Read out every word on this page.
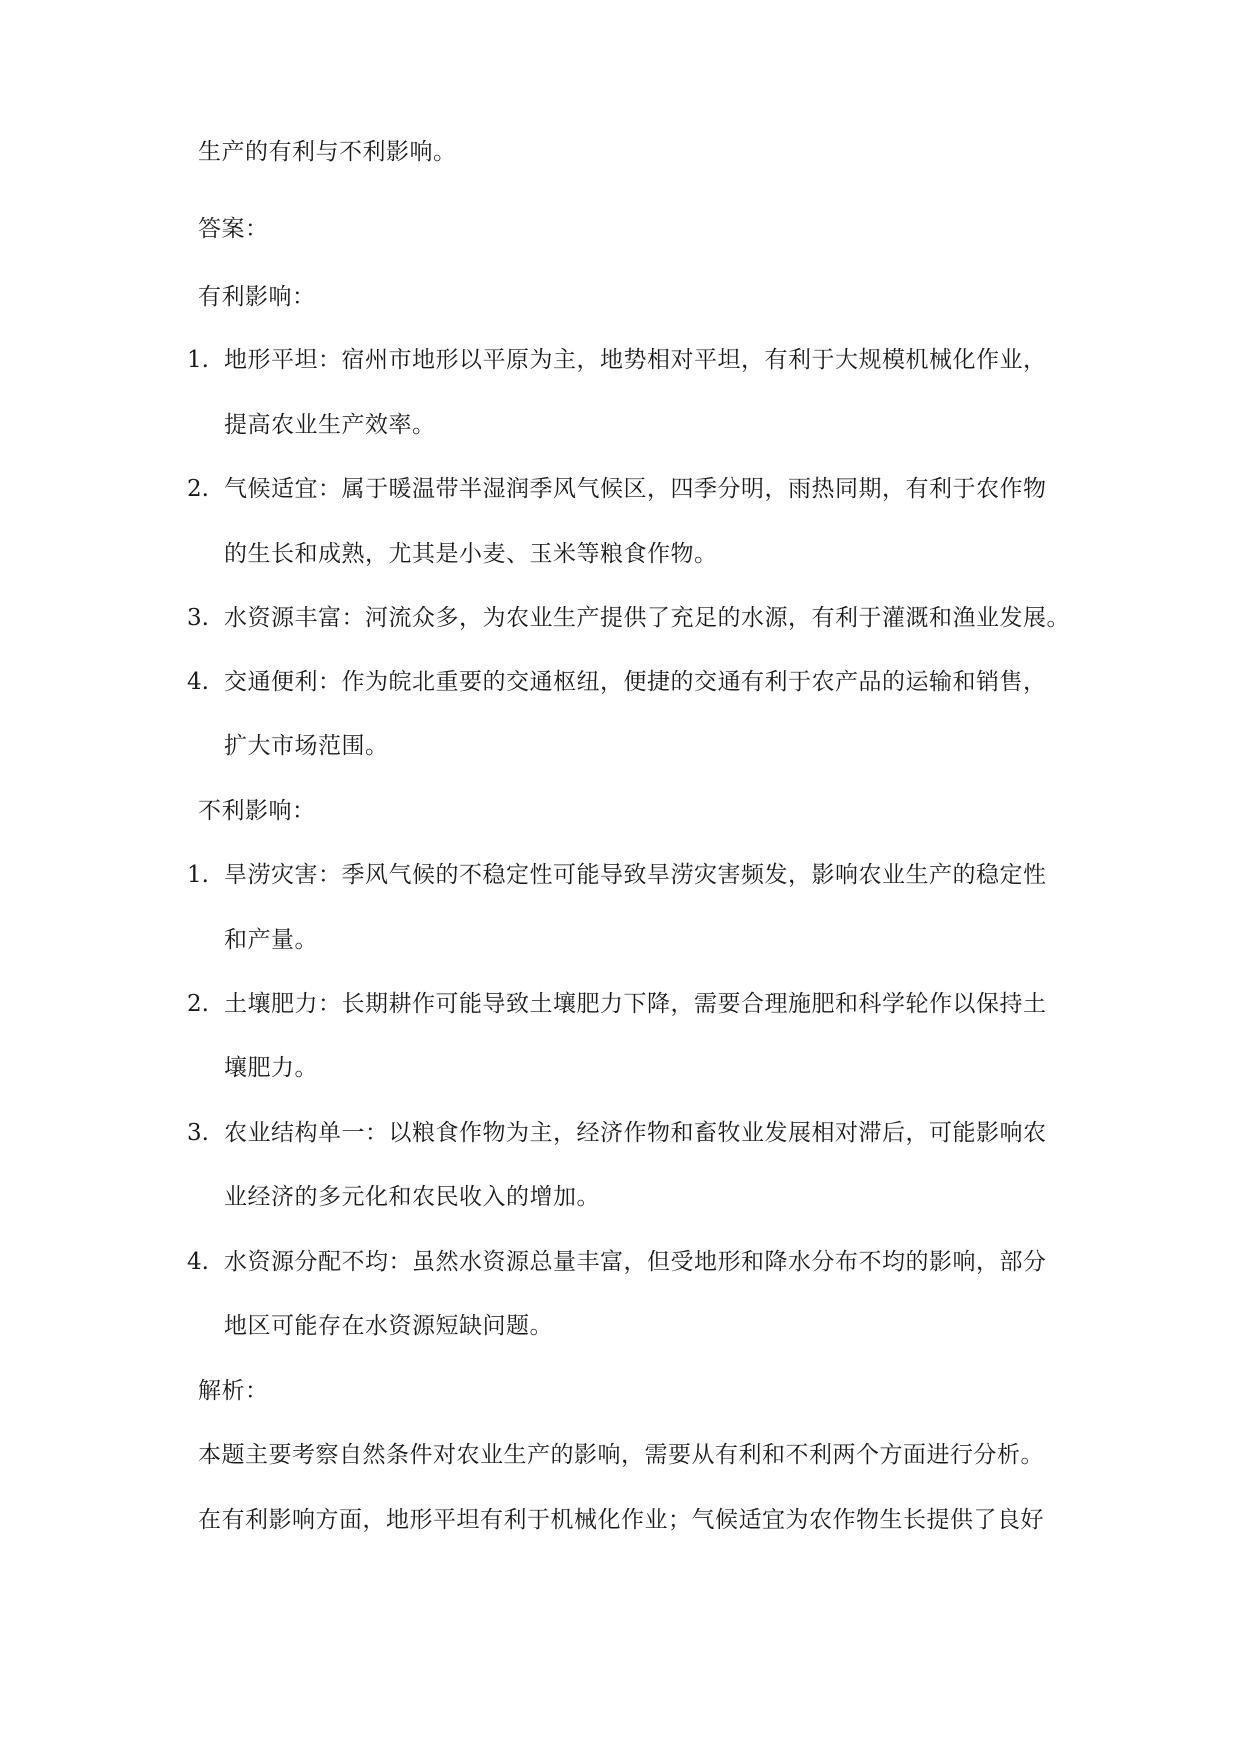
生产的有利与不利影响。
答案：
有利影响：
1. 地形平坦：宿州市地形以平原为主，地势相对平坦，有利于大规模机械化作业，
提高农业生产效率。
2. 气候适宜：属于暖温带半湿润季风气候区，四季分明，雨热同期，有利于农作物
的生长和成熟，尤其是小麦、玉米等粮食作物。
3. 水资源丰富：河流众多，为农业生产提供了充足的水源，有利于灌溉和渔业发展。
4. 交通便利：作为皖北重要的交通枢纽，便捷的交通有利于农产品的运输和销售，
扩大市场范围。
不利影响：
1. 旱涝灾害：季风气候的不稳定性可能导致旱涝灾害频发，影响农业生产的稳定性
和产量。
2. 土壤肥力：长期耕作可能导致土壤肥力下降，需要合理施肥和科学轮作以保持土
壤肥力。
3. 农业结构单一：以粮食作物为主，经济作物和畜牧业发展相对滞后，可能影响农
业经济的多元化和农民收入的增加。
4. 水资源分配不均：虽然水资源总量丰富，但受地形和降水分布不均的影响，部分
地区可能存在水资源短缺问题。
解析：
本题主要考察自然条件对农业生产的影响，需要从有利和不利两个方面进行分析。
在有利影响方面，地形平坦有利于机械化作业；气候适宜为农作物生长提供了良好
